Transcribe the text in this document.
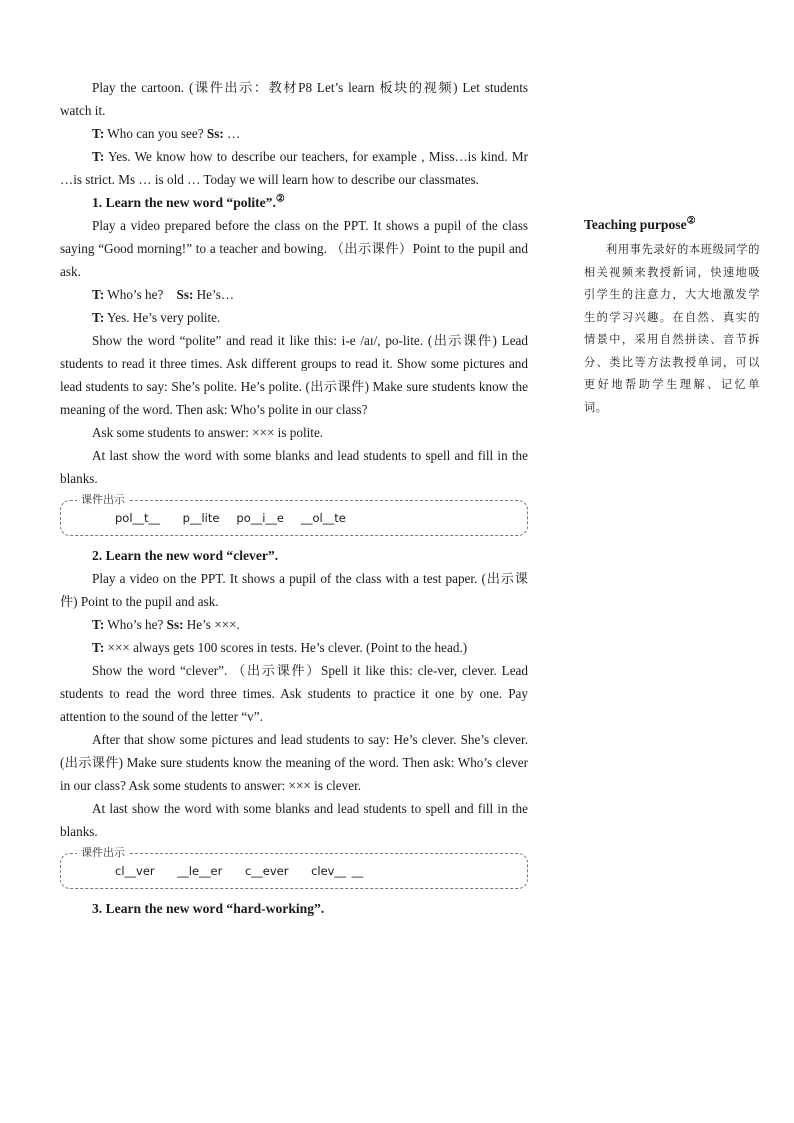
Play the cartoon. (课件出示：教材P8 Let’s learn 板块的视频) Let students watch it.

T: Who can you see? Ss: …

T: Yes. We know how to describe our teachers, for example , Miss…is kind. Mr …is strict. Ms … is old … Today we will learn how to describe our classmates.

1. Learn the new word “polite”.②

Play a video prepared before the class on the PPT. It shows a pupil of the class saying “Good morning!” to a teacher and bowing. （出示课件）Point to the pupil and ask.

T: Who’s he?    Ss: He’s…

T: Yes. He’s very polite.

Show the word “polite” and read it like this: i-e /aɪ/, po-lite. (出示课件) Lead students to read it three times. Ask different groups to read it. Show some pictures and lead students to say: She’s polite. He’s polite. (出示课件) Make sure students know the meaning of the word. Then ask: Who’s polite in our class?

Ask some students to answer: ××× is polite.

At last show the word with some blanks and lead students to spell and fill in the blanks.

课件出示
pol__t__    p__lite   po__i__e   __ol__te

2. Learn the new word “clever”.

Play a video on the PPT. It shows a pupil of the class with a test paper. (出示课件) Point to the pupil and ask.

T: Who’s he? Ss: He’s ×××.

T: ××× always gets 100 scores in tests. He’s clever. (Point to the head.)

Show the word “clever”. （出示课件）Spell it like this: cle-ver, clever. Lead students to read the word three times. Ask students to practice it one by one. Pay attention to the sound of the letter “v”.

After that show some pictures and lead students to say: He’s clever. She’s clever. (出示课件) Make sure students know the meaning of the word. Then ask: Who’s clever in our class? Ask some students to answer: ××× is clever.

At last show the word with some blanks and lead students to spell and fill in the blanks.

课件出示
cl__ver    __le__er    c__ever    clev__ __

3. Learn the new word “hard-working”.

Teaching purpose②
利用事先录好的本班级同学的相关视频来教授新词，快速地吸引学生的注意力，大大地激发学生的学习兴趣。在自然、真实的情景中，采用自然拼读、音节拆分、类比等方法教授单词，可以更好地帮助学生理解、记忆单词。
